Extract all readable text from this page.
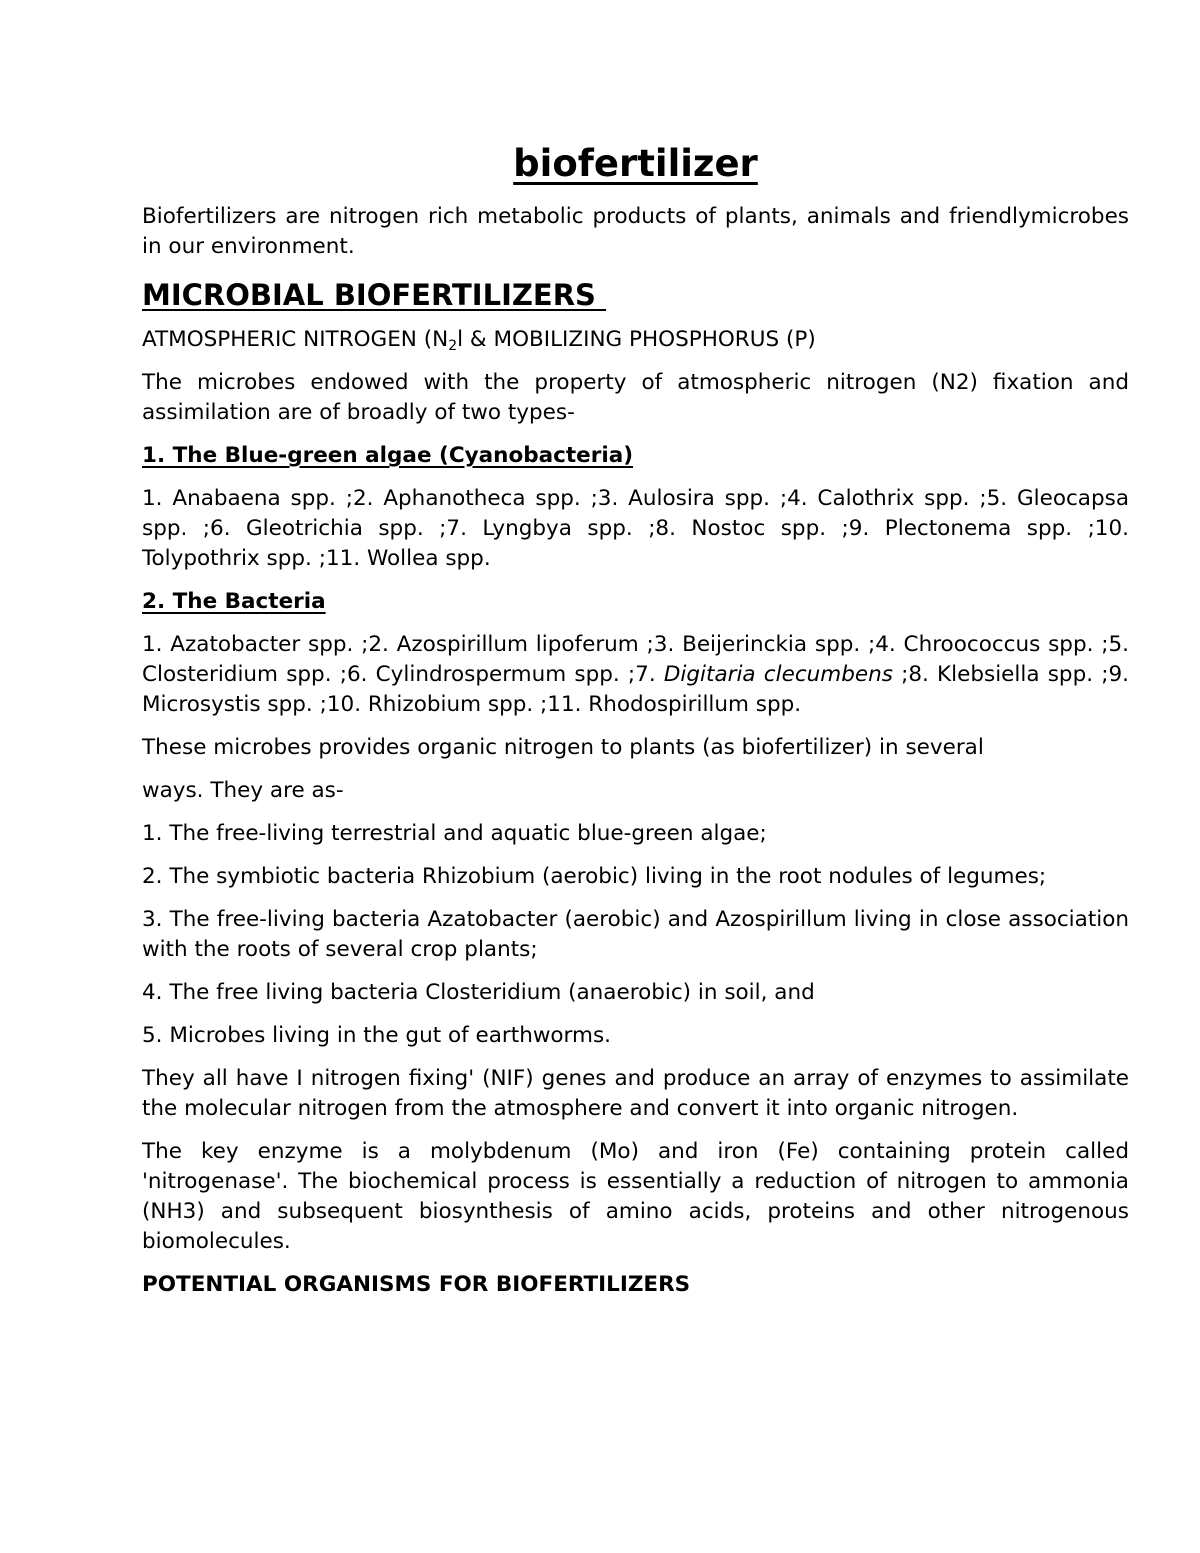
biofertilizer

Biofertilizers are nitrogen rich metabolic products of plants, animals and friendlymicrobes in our environment.

MICROBIAL BIOFERTILIZERS

ATMOSPHERIC NITROGEN ($N_2l$ & MOBILIZING PHOSPHORUS (P)

The microbes endowed with the property of atmospheric nitrogen (N2) fixation and assimilation are of broadly of two types-

1. The Blue-green algae (Cyanobacteria)

1. Anabaena spp. ;2. Aphanotheca spp. ;3. Aulosira spp. ;4. Calothrix spp. ;5. Gleocapsa spp. ;6. Gleotrichia spp. ;7. Lyngbya spp. ;8. Nostoc spp. ;9. Plectonema spp. ;10. Tolypothrix spp. ;11. Wollea spp.

2. The Bacteria

1. Azatobacter spp. ;2. Azospirillum lipoferum ;3. Beijerinckia spp. ;4. Chroococcus spp. ;5. Closteridium spp. ;6. Cylindrospermum spp. ;7. Digitaria clecumbens ;8. Klebsiella spp. ;9. Microsystis spp. ;10. Rhizobium spp. ;11. Rhodospirillum spp.

These microbes provides organic nitrogen to plants (as biofertilizer) in several

ways. They are as-

1. The free-living terrestrial and aquatic blue-green algae;

2. The symbiotic bacteria Rhizobium (aerobic) living in the root nodules of legumes;

3. The free-living bacteria Azatobacter (aerobic) and Azospirillum living in close association with the roots of several crop plants;

4. The free living bacteria Closteridium (anaerobic) in soil, and

5. Microbes living in the gut of earthworms.

They all have I nitrogen fixing' (NIF) genes and produce an array of enzymes to assimilate the molecular nitrogen from the atmosphere and convert it into organic nitrogen.

The key enzyme is a molybdenum (Mo) and iron (Fe) containing protein called 'nitrogenase'. The biochemical process is essentially a reduction of nitrogen to ammonia (NH3) and subsequent biosynthesis of amino acids, proteins and other nitrogenous biomolecules.

POTENTIAL ORGANISMS FOR BIOFERTILIZERS
